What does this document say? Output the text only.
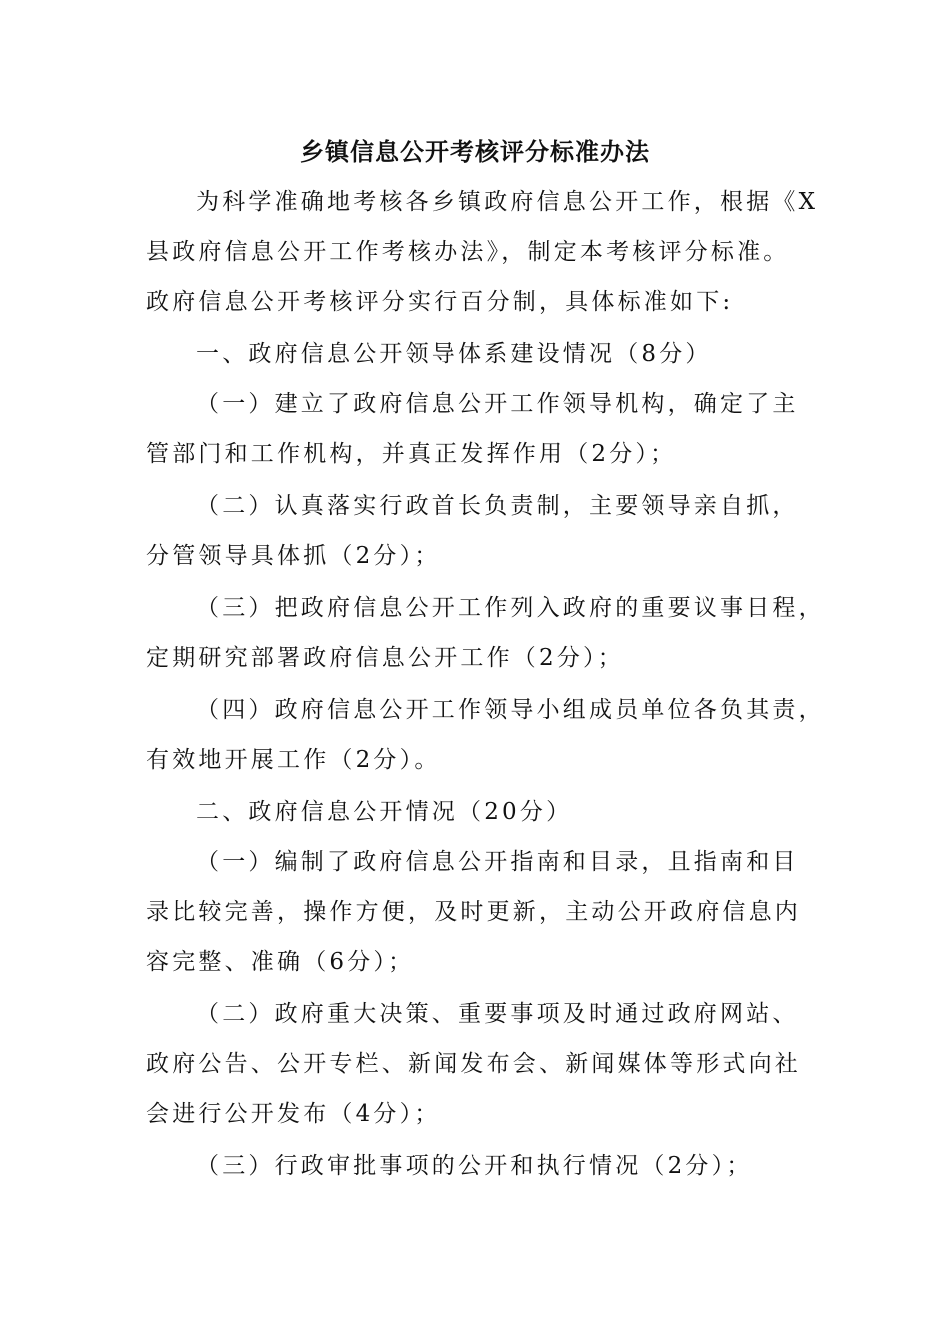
乡镇信息公开考核评分标准办法
为科学准确地考核各乡镇政府信息公开工作，根据《X
县政府信息公开工作考核办法》，制定本考核评分标准。
政府信息公开考核评分实行百分制，具体标准如下:
一、政府信息公开领导体系建设情况（8分）
（一）建立了政府信息公开工作领导机构，确定了主
管部门和工作机构，并真正发挥作用（2分）；
（二）认真落实行政首长负责制，主要领导亲自抓，
分管领导具体抓（2分）；
（三）把政府信息公开工作列入政府的重要议事日程，
定期研究部署政府信息公开工作（2分）；
（四）政府信息公开工作领导小组成员单位各负其责，
有效地开展工作（2分）。
二、政府信息公开情况（20分）
（一）编制了政府信息公开指南和目录，且指南和目
录比较完善，操作方便，及时更新，主动公开政府信息内
容完整、准确（6分）；
（二）政府重大决策、重要事项及时通过政府网站、
政府公告、公开专栏、新闻发布会、新闻媒体等形式向社
会进行公开发布（4分）；
（三）行政审批事项的公开和执行情况（2分）；
